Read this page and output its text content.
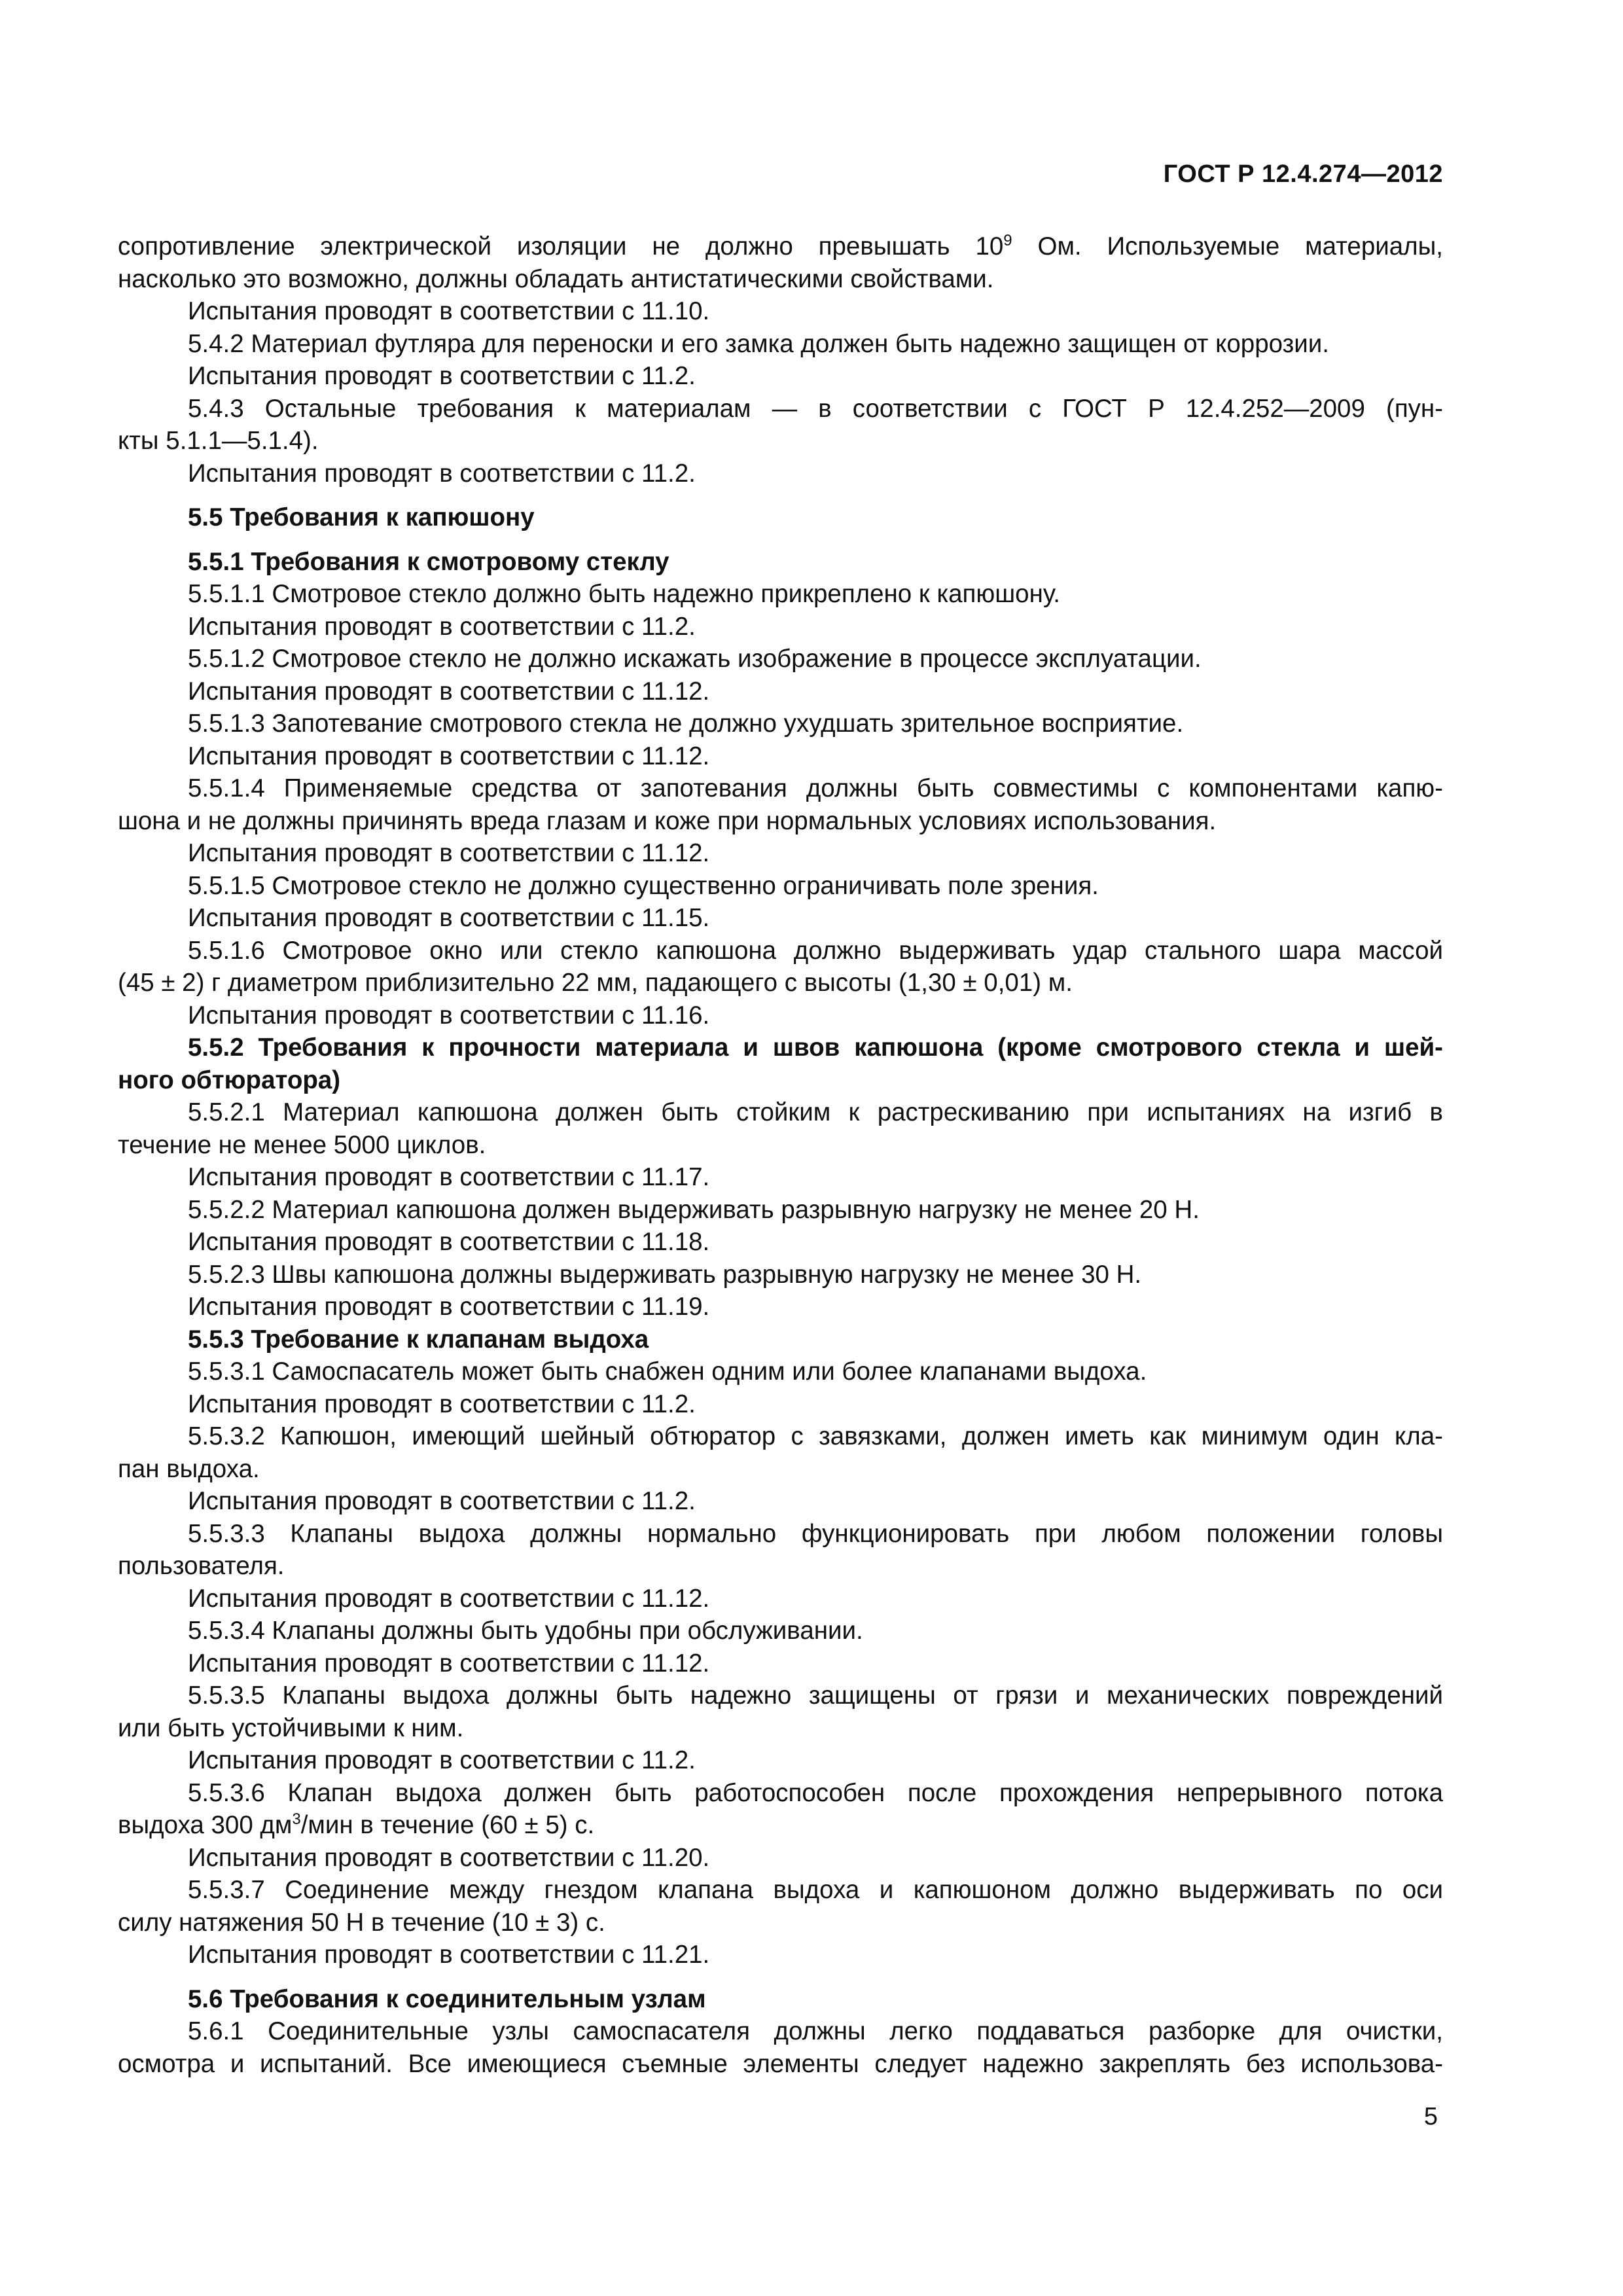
ГОСТ Р 12.4.274—2012
сопротивление электрической изоляции не должно превышать $10^9$ Ом. Используемые материалы,
насколько это возможно, должны обладать антистатическими свойствами.
Испытания проводят в соответствии с 11.10.
5.4.2 Материал футляра для переноски и его замка должен быть надежно защищен от коррозии.
Испытания проводят в соответствии с 11.2.
5.4.3 Остальные требования к материалам — в соответствии с ГОСТ Р 12.4.252—2009 (пун-
кты 5.1.1—5.1.4).
Испытания проводят в соответствии с 11.2.
5.5 Требования к капюшону
5.5.1 Требования к смотровому стеклу
5.5.1.1 Смотровое стекло должно быть надежно прикреплено к капюшону.
Испытания проводят в соответствии с 11.2.
5.5.1.2 Смотровое стекло не должно искажать изображение в процессе эксплуатации.
Испытания проводят в соответствии с 11.12.
5.5.1.3 Запотевание смотрового стекла не должно ухудшать зрительное восприятие.
Испытания проводят в соответствии с 11.12.
5.5.1.4 Применяемые средства от запотевания должны быть совместимы с компонентами капю-
шона и не должны причинять вреда глазам и коже при нормальных условиях использования.
Испытания проводят в соответствии с 11.12.
5.5.1.5 Смотровое стекло не должно существенно ограничивать поле зрения.
Испытания проводят в соответствии с 11.15.
5.5.1.6 Смотровое окно или стекло капюшона должно выдерживать удар стального шара массой
(45 ± 2) г диаметром приблизительно 22 мм, падающего с высоты (1,30 ± 0,01) м.
Испытания проводят в соответствии с 11.16.
5.5.2 Требования к прочности материала и швов капюшона (кроме смотрового стекла и шей-
ного обтюратора)
5.5.2.1 Материал капюшона должен быть стойким к растрескиванию при испытаниях на изгиб в
течение не менее 5000 циклов.
Испытания проводят в соответствии с 11.17.
5.5.2.2 Материал капюшона должен выдерживать разрывную нагрузку не менее 20 Н.
Испытания проводят в соответствии с 11.18.
5.5.2.3 Швы капюшона должны выдерживать разрывную нагрузку не менее 30 Н.
Испытания проводят в соответствии с 11.19.
5.5.3 Требование к клапанам выдоха
5.5.3.1 Самоспасатель может быть снабжен одним или более клапанами выдоха.
Испытания проводят в соответствии с 11.2.
5.5.3.2 Капюшон, имеющий шейный обтюратор с завязками, должен иметь как минимум один кла-
пан выдоха.
Испытания проводят в соответствии с 11.2.
5.5.3.3 Клапаны выдоха должны нормально функционировать при любом положении головы
пользователя.
Испытания проводят в соответствии с 11.12.
5.5.3.4 Клапаны должны быть удобны при обслуживании.
Испытания проводят в соответствии с 11.12.
5.5.3.5 Клапаны выдоха должны быть надежно защищены от грязи и механических повреждений
или быть устойчивыми к ним.
Испытания проводят в соответствии с 11.2.
5.5.3.6 Клапан выдоха должен быть работоспособен после прохождения непрерывного потока
выдоха 300 $дм^3$/мин в течение (60 ± 5) с.
Испытания проводят в соответствии с 11.20.
5.5.3.7 Соединение между гнездом клапана выдоха и капюшоном должно выдерживать по оси
силу натяжения 50 Н в течение (10 ± 3) с.
Испытания проводят в соответствии с 11.21.
5.6 Требования к соединительным узлам
5.6.1 Соединительные узлы самоспасателя должны легко поддаваться разборке для очистки,
осмотра и испытаний. Все имеющиеся съемные элементы следует надежно закреплять без использова-
5
